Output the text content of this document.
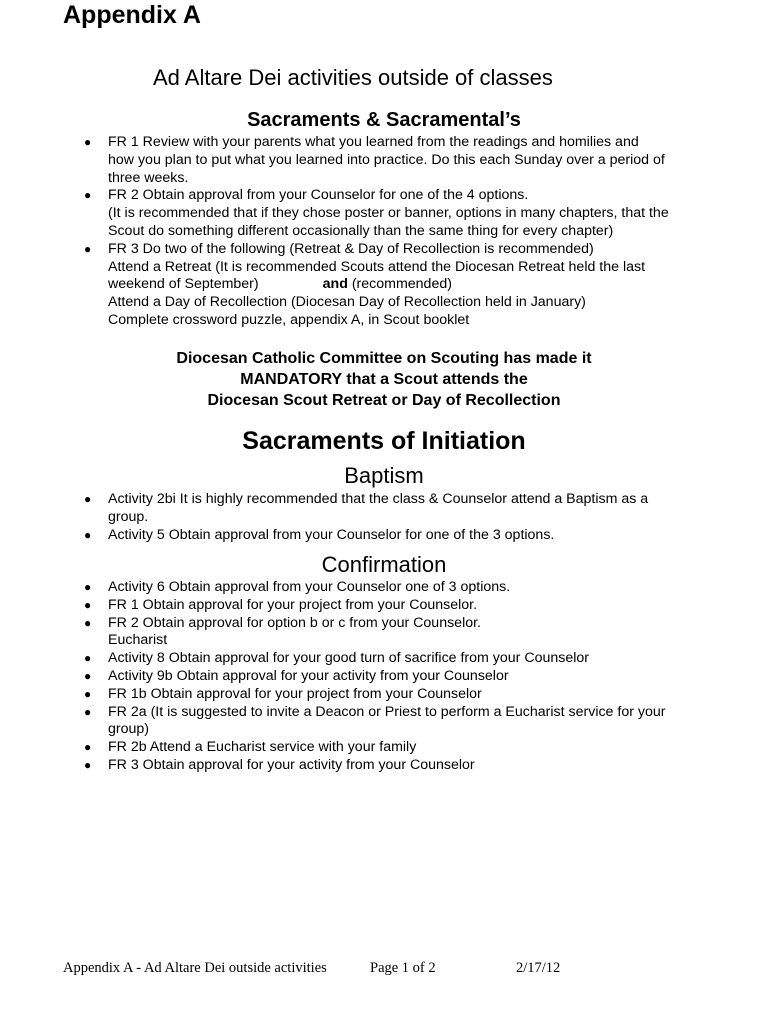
Appendix A
Ad Altare Dei activities outside of classes
Sacraments & Sacramental’s
● FR 1 Review with your parents what you learned from the readings and homilies and
how you plan to put what you learned into practice. Do this each Sunday over a period of
three weeks.
● FR 2 Obtain approval from your Counselor for one of the 4 options.
(It is recommended that if they chose poster or banner, options in many chapters, that the
Scout do something different occasionally than the same thing for every chapter)
● FR 3 Do two of the following (Retreat & Day of Recollection is recommended)
Attend a Retreat (It is recommended Scouts attend the Diocesan Retreat held the last
weekend of September)	and (recommended)
Attend a Day of Recollection (Diocesan Day of Recollection held in January)
Complete crossword puzzle, appendix A, in Scout booklet
Diocesan Catholic Committee on Scouting has made it
MANDATORY that a Scout attends the
Diocesan Scout Retreat or Day of Recollection
Sacraments of Initiation
Baptism
● Activity 2bi It is highly recommended that the class & Counselor attend a Baptism as a
group.
● Activity 5 Obtain approval from your Counselor for one of the 3 options.
Confirmation
● Activity 6 Obtain approval from your Counselor one of 3 options.
● FR 1 Obtain approval for your project from your Counselor.
● FR 2 Obtain approval for option b or c from your Counselor.
Eucharist
● Activity 8 Obtain approval for your good turn of sacrifice from your Counselor
● Activity 9b Obtain approval for your activity from your Counselor
● FR 1b Obtain approval for your project from your Counselor
● FR 2a (It is suggested to invite a Deacon or Priest to perform a Eucharist service for your
group)
● FR 2b Attend a Eucharist service with your family
● FR 3 Obtain approval for your activity from your Counselor
Appendix A - Ad Altare Dei outside activities	Page 1 of 2	2/17/12
